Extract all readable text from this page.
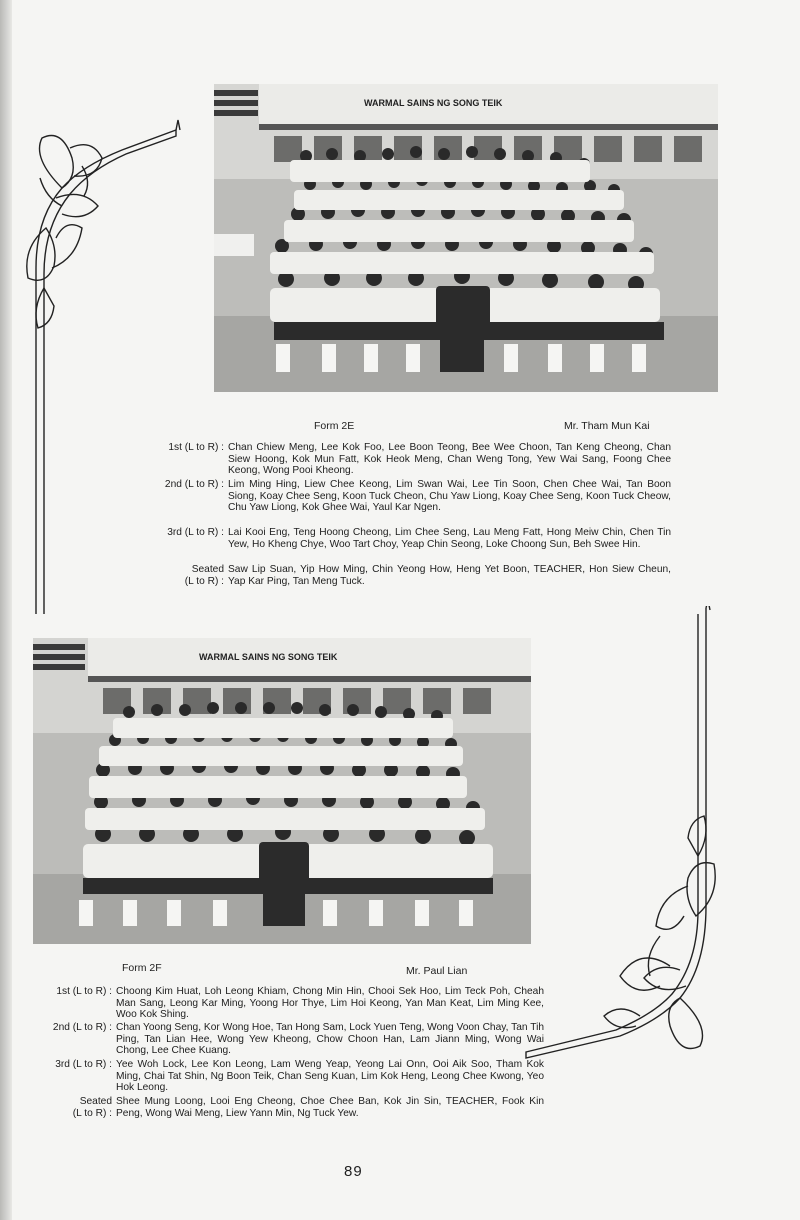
WARMAL SAINS NG SONG TEIK
Form 2E	Mr. Tham Mun Kai
1st (L to R) : Chan Chiew Meng, Lee Kok Foo, Lee Boon Teong, Bee Wee Choon, Tan Keng Cheong, Chan Siew Hoong, Kok Mun Fatt, Kok Heok Meng, Chan Weng Tong, Yew Wai Sang, Foong Chee Keong, Wong Pooi Kheong.
2nd (L to R) : Lim Ming Hing, Liew Chee Keong, Lim Swan Wai, Lee Tin Soon, Chen Chee Wai, Tan Boon Siong, Koay Chee Seng, Koon Tuck Cheon, Chu Yaw Liong, Koay Chee Seng, Koon Tuck Cheow, Chu Yaw Liong, Kok Ghee Wai, Yaul Kar Ngen.
3rd (L to R) : Lai Kooi Eng, Teng Hoong Cheong, Lim Chee Seng, Lau Meng Fatt, Hong Meiw Chin, Chen Tin Yew, Ho Kheng Chye, Woo Tart Choy, Yeap Chin Seong, Loke Choong Sun, Beh Swee Hin.
Seated
(L to R) :
Saw Lip Suan, Yip How Ming, Chin Yeong How, Heng Yet Boon, TEACHER, Hon Siew Cheun, Yap Kar Ping, Tan Meng Tuck.
WARMAL SAINS NG SONG TEIK
Form 2F	Mr. Paul Lian
1st (L to R) : Choong Kim Huat, Loh Leong Khiam, Chong Min Hin, Chooi Sek Hoo, Lim Teck Poh, Cheah Man Sang, Leong Kar Ming, Yoong Hor Thye, Lim Hoi Keong, Yan Man Keat, Lim Ming Kee, Woo Kok Shing.
2nd (L to R) : Chan Yoong Seng, Kor Wong Hoe, Tan Hong Sam, Lock Yuen Teng, Wong Voon Chay, Tan Tih Ping, Tan Lian Hee, Wong Yew Kheong, Chow Choon Han, Lam Jiann Ming, Wong Wai Chong, Lee Chee Kuang.
3rd (L to R) : Yee Woh Lock, Lee Kon Leong, Lam Weng Yeap, Yeong Lai Onn, Ooi Aik Soo, Tham Kok Ming, Chai Tat Shin, Ng Boon Teik, Chan Seng Kuan, Lim Kok Heng, Leong Chee Kwong, Yeo Hok Leong.
Seated
(L to R) :
Shee Mung Loong, Looi Eng Cheong, Choe Chee Ban, Kok Jin Sin, TEACHER, Fook Kin Peng, Wong Wai Meng, Liew Yann Min, Ng Tuck Yew.
89
